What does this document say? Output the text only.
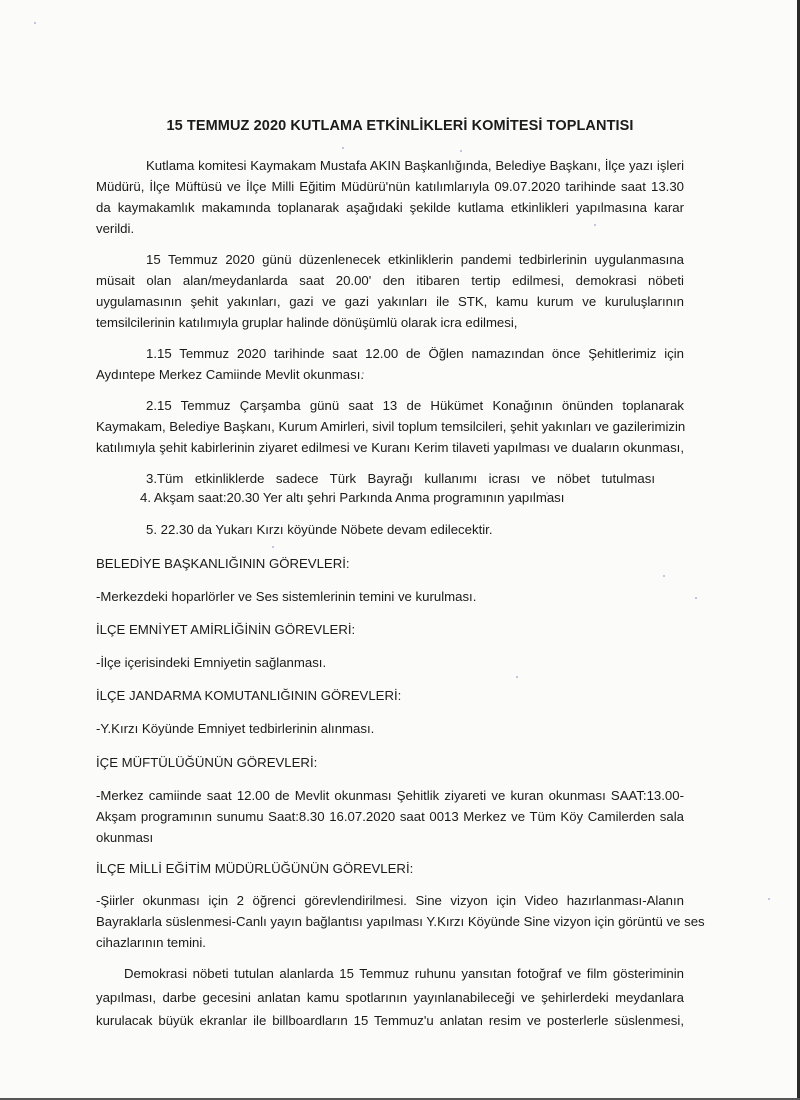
15 TEMMUZ 2020 KUTLAMA ETKİNLİKLERİ KOMİTESİ TOPLANTISI
Kutlama komitesi Kaymakam Mustafa AKIN Başkanlığında, Belediye Başkanı, İlçe yazı işleri
Müdürü, İlçe Müftüsü ve İlçe Milli Eğitim Müdürü'nün katılımlarıyla 09.07.2020 tarihinde saat 13.30
da kaymakamlık makamında toplanarak aşağıdaki şekilde kutlama etkinlikleri yapılmasına karar
verildi.
15 Temmuz 2020 günü düzenlenecek etkinliklerin pandemi tedbirlerinin uygulanmasına
müsait olan alan/meydanlarda saat 20.00' den itibaren tertip edilmesi, demokrasi nöbeti
uygulamasının şehit yakınları, gazi ve gazi yakınları ile STK, kamu kurum ve kuruluşlarının
temsilcilerinin katılımıyla gruplar halinde dönüşümlü olarak icra edilmesi,
1.15 Temmuz 2020 tarihinde saat 12.00 de Öğlen namazından önce Şehitlerimiz için
Aydıntepe Merkez Camiinde Mevlit okunması.
2.15 Temmuz Çarşamba günü saat 13 de Hükümet Konağının önünden toplanarak
Kaymakam, Belediye Başkanı, Kurum Amirleri, sivil toplum temsilcileri, şehit yakınları ve gazilerimizin
katılımıyla şehit kabirlerinin ziyaret edilmesi ve Kuranı Kerim tilaveti yapılması ve duaların okunması,
3.Tüm etkinliklerde sadece Türk Bayrağı kullanımı icrası ve nöbet tutulması
4. Akşam saat:20.30 Yer altı şehri Parkında Anma programının yapılması
5. 22.30 da Yukarı Kırzı köyünde Nöbete devam edilecektir.
BELEDİYE BAŞKANLIĞININ GÖREVLERİ:
-Merkezdeki hoparlörler ve Ses sistemlerinin temini ve kurulması.
İLÇE EMNİYET AMİRLİĞİNİN GÖREVLERİ:
-İlçe içerisindeki Emniyetin sağlanması.
İLÇE JANDARMA KOMUTANLIĞININ GÖREVLERİ:
-Y.Kırzı Köyünde Emniyet tedbirlerinin alınması.
İÇE MÜFTÜLÜĞÜNÜN GÖREVLERİ:
-Merkez camiinde saat 12.00 de Mevlit okunması Şehitlik ziyareti ve kuran okunması SAAT:13.00-
Akşam programının sunumu Saat:8.30 16.07.2020 saat 0013 Merkez ve Tüm Köy Camilerden sala
okunması
İLÇE MİLLİ EĞİTİM MÜDÜRLÜĞÜNÜN GÖREVLERİ:
-Şiirler okunması için 2 öğrenci görevlendirilmesi. Sine vizyon için Video hazırlanması-Alanın
Bayraklarla süslenmesi-Canlı yayın bağlantısı yapılması Y.Kırzı Köyünde Sine vizyon için görüntü ve ses
cihazlarının temini.
Demokrasi nöbeti tutulan alanlarda 15 Temmuz ruhunu yansıtan fotoğraf ve film gösteriminin
yapılması, darbe gecesini anlatan kamu spotlarının yayınlanabileceği ve şehirlerdeki meydanlara
kurulacak büyük ekranlar ile billboardların 15 Temmuz'u anlatan resim ve posterlerle süslenmesi,
